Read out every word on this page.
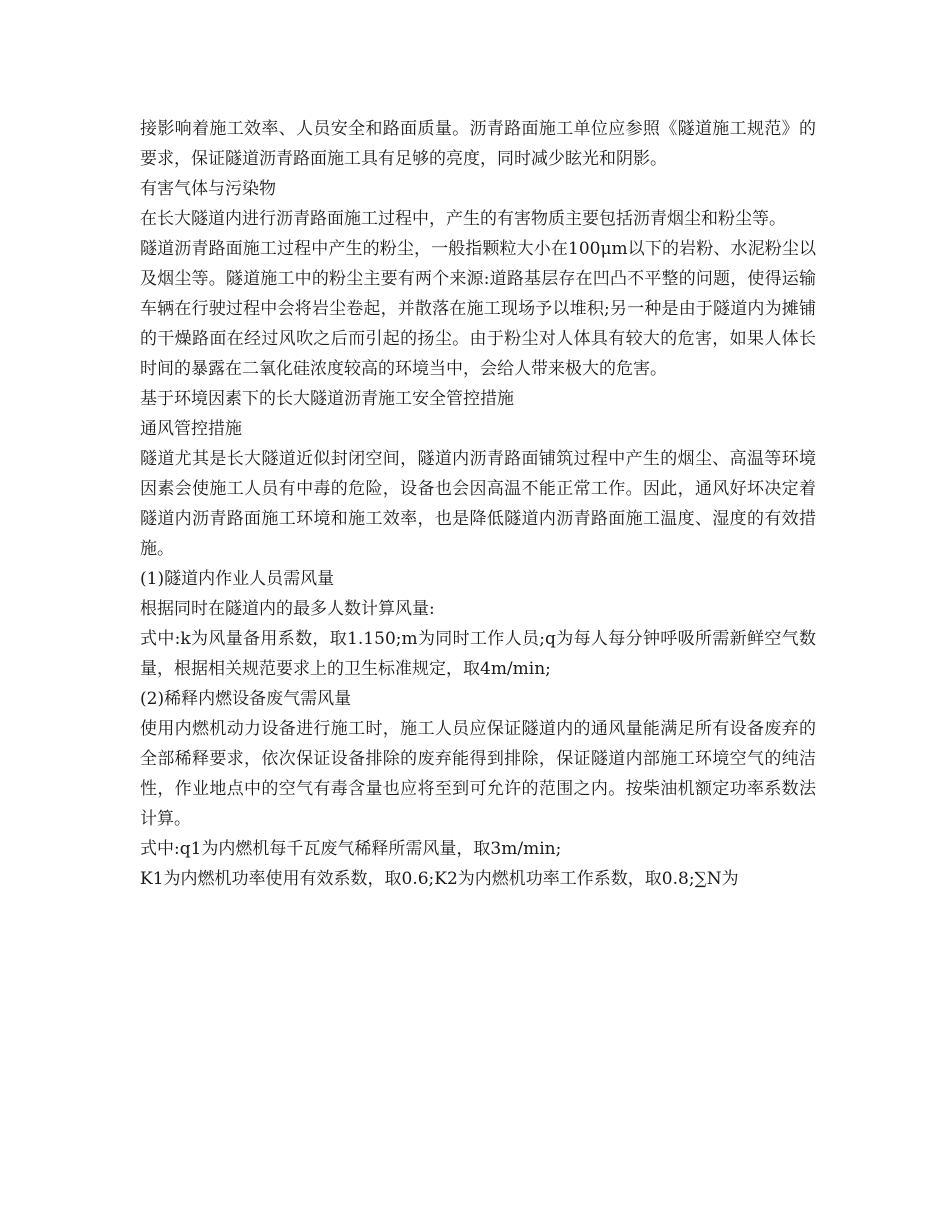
接影响着施工效率、人员安全和路面质量。沥青路面施工单位应参照《隧道施工规范》的要求，保证隧道沥青路面施工具有足够的亮度，同时减少眩光和阴影。

有害气体与污染物

在长大隧道内进行沥青路面施工过程中，产生的有害物质主要包括沥青烟尘和粉尘等。

隧道沥青路面施工过程中产生的粉尘，一般指颗粒大小在100μm以下的岩粉、水泥粉尘以及烟尘等。隧道施工中的粉尘主要有两个来源:道路基层存在凹凸不平整的问题，使得运输车辆在行驶过程中会将岩尘卷起，并散落在施工现场予以堆积;另一种是由于隧道内为摊铺的干燥路面在经过风吹之后而引起的扬尘。由于粉尘对人体具有较大的危害，如果人体长时间的暴露在二氧化硅浓度较高的环境当中，会给人带来极大的危害。

基于环境因素下的长大隧道沥青施工安全管控措施

通风管控措施

隧道尤其是长大隧道近似封闭空间，隧道内沥青路面铺筑过程中产生的烟尘、高温等环境因素会使施工人员有中毒的危险，设备也会因高温不能正常工作。因此，通风好坏决定着隧道内沥青路面施工环境和施工效率，也是降低隧道内沥青路面施工温度、湿度的有效措施。

(1)隧道内作业人员需风量

根据同时在隧道内的最多人数计算风量:

式中:k为风量备用系数，取1.150;m为同时工作人员;q为每人每分钟呼吸所需新鲜空气数量，根据相关规范要求上的卫生标准规定，取4m/min;

(2)稀释内燃设备废气需风量

使用内燃机动力设备进行施工时，施工人员应保证隧道内的通风量能满足所有设备废弃的全部稀释要求，依次保证设备排除的废弃能得到排除，保证隧道内部施工环境空气的纯洁性，作业地点中的空气有毒含量也应将至到可允许的范围之内。按柴油机额定功率系数法计算。

式中:q1为内燃机每千瓦废气稀释所需风量，取3m/min;

K1为内燃机功率使用有效系数，取0.6;K2为内燃机功率工作系数，取0.8;∑N为
